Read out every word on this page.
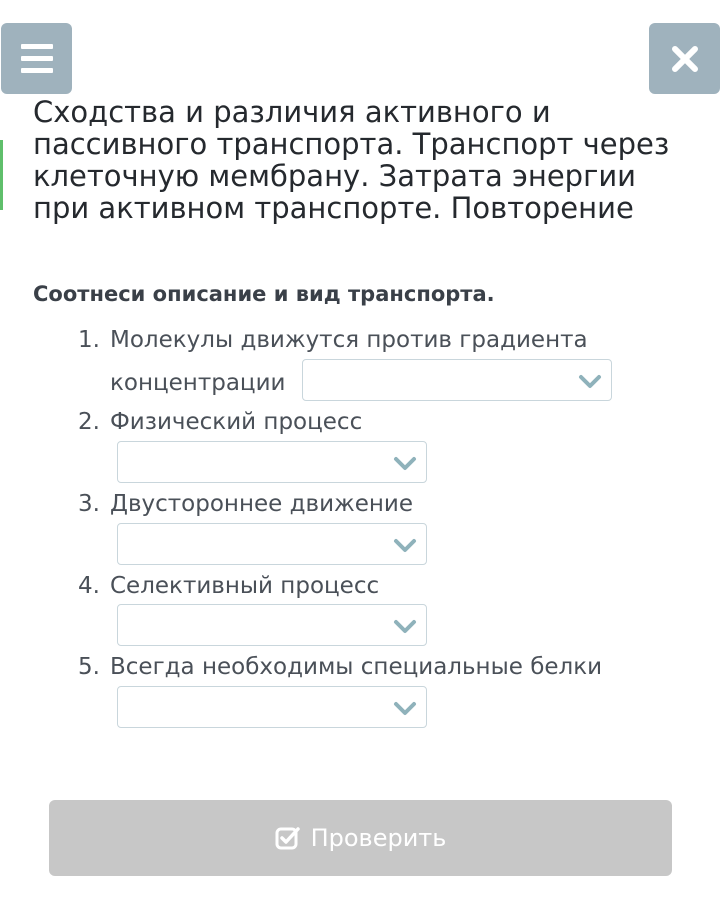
Сходства и различия активного и пассивного транспорта. Транспорт через клеточную мембрану. Затрата энергии при активном транспорте. Повторение
Соотнеси описание и вид транспорта.
1. Молекулы движутся против градиента
концентрации
2. Физический процесс
3. Двустороннее движение
4. Селективный процесс
5. Всегда необходимы специальные белки
Проверить
